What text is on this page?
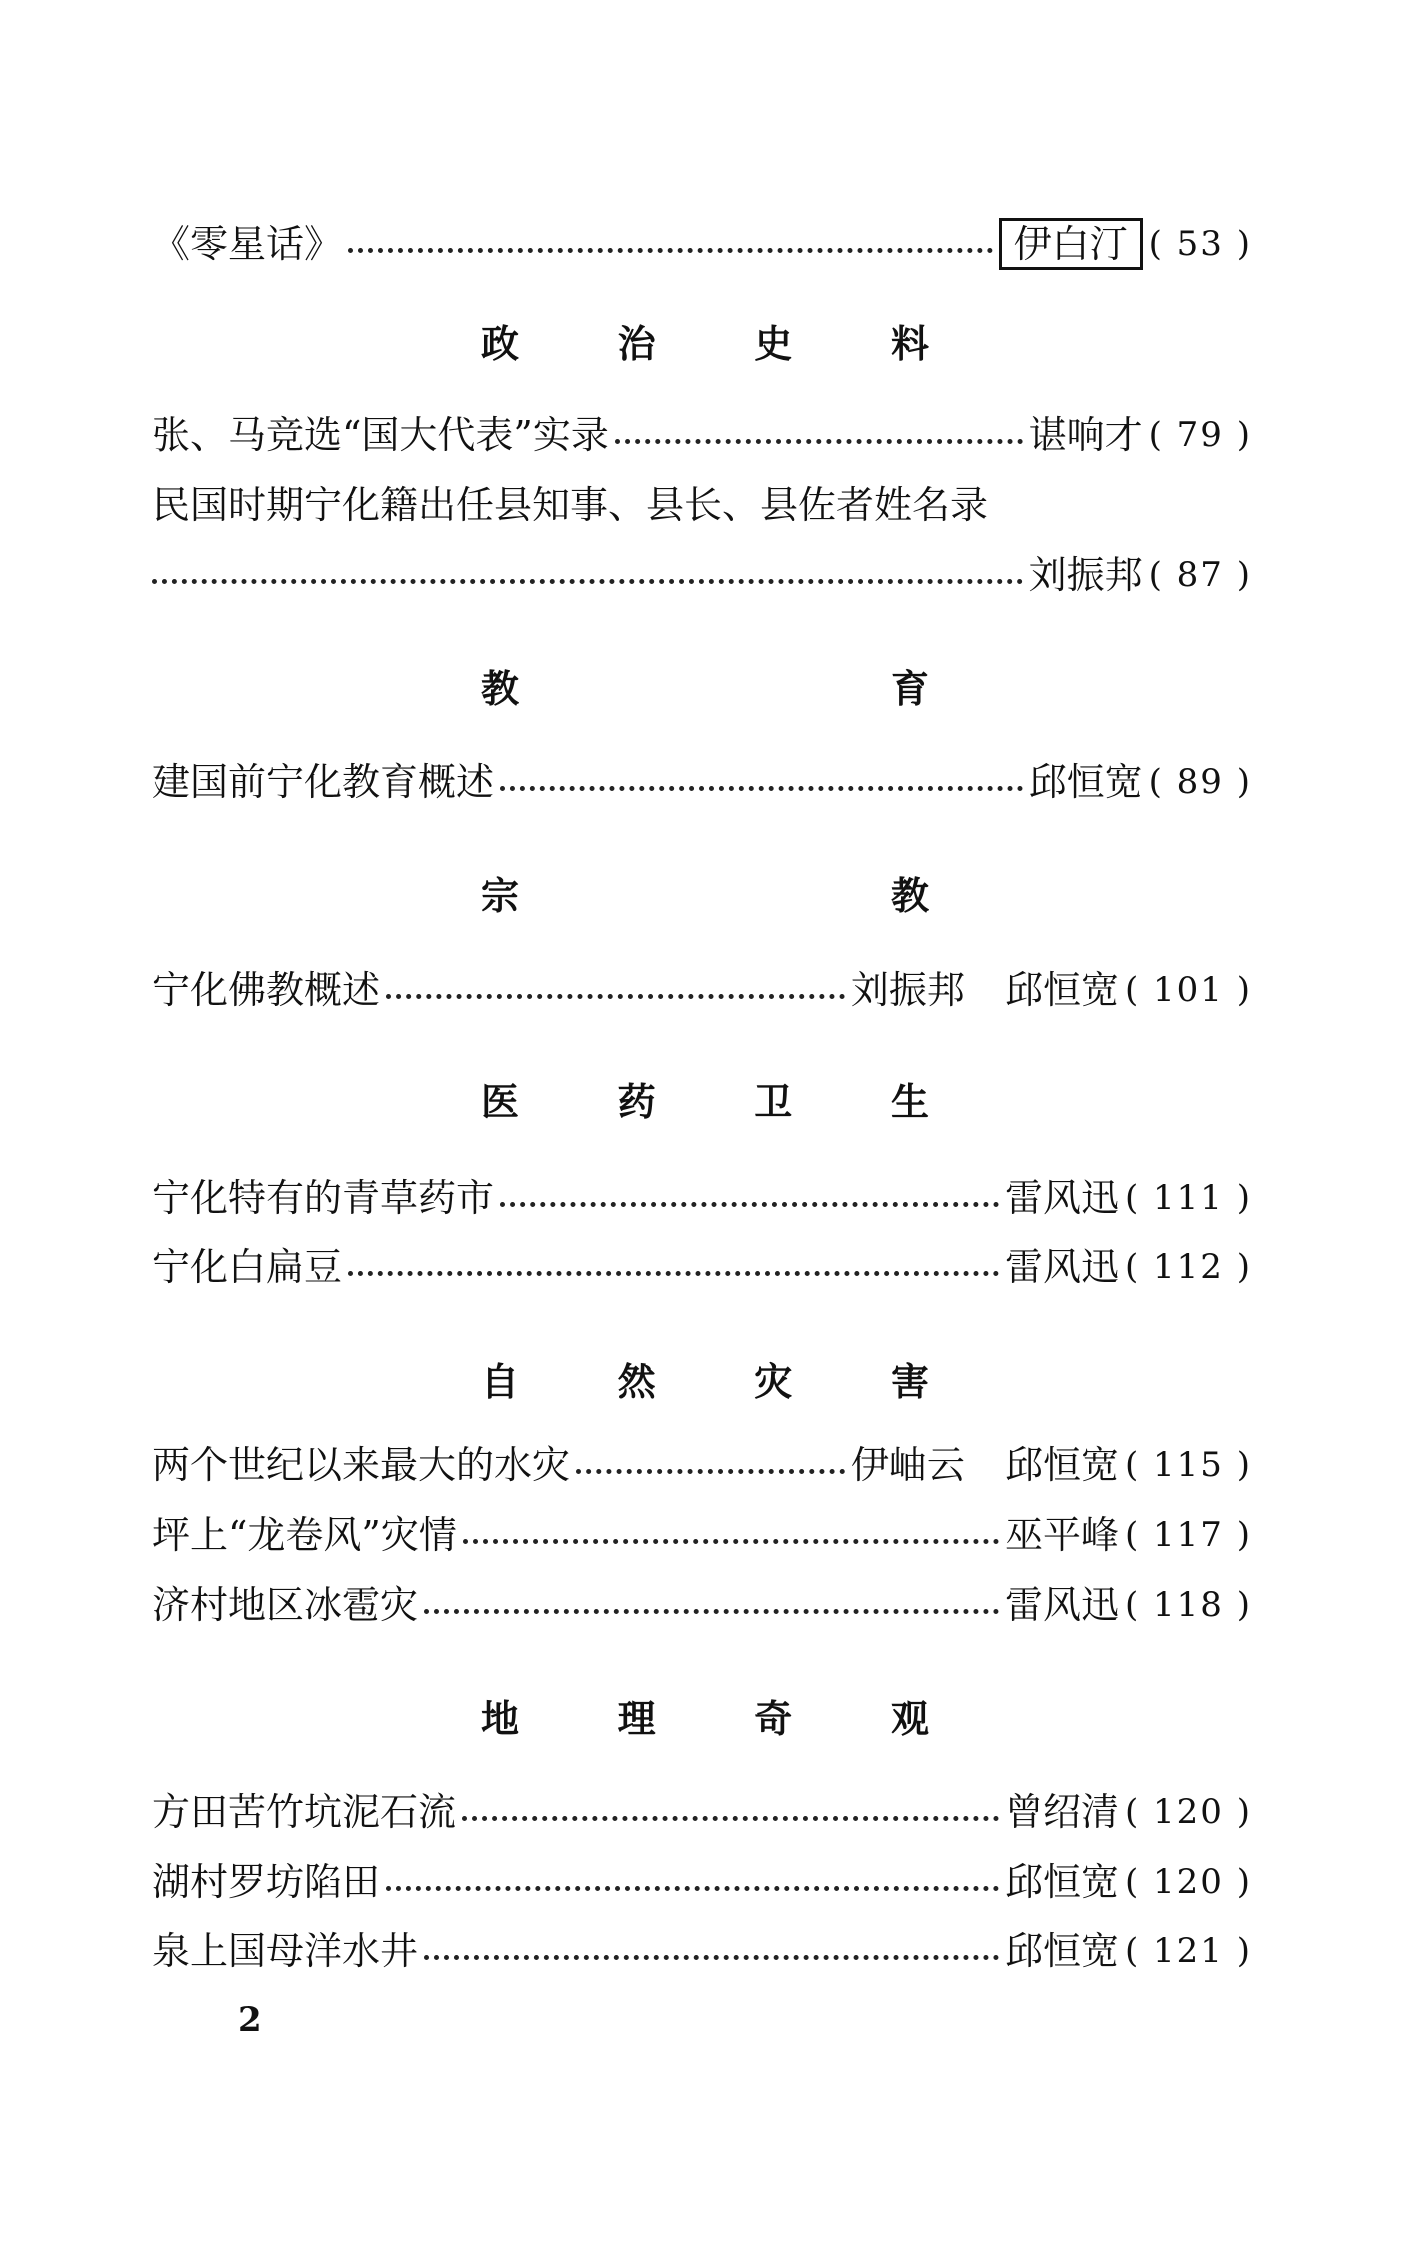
《零星话》	伊白汀 ( 53 )
政	治	史	料
张、马竞选“国大代表”实录	谌响才 ( 79 )
民国时期宁化籍出任县知事、县长、县佐者姓名录
刘振邦 ( 87 )
教	育
建国前宁化教育概述	邱恒宽 ( 89 )
宗	教
宁化佛教概述	刘振邦 邱恒宽 ( 101 )
医	药	卫	生
宁化特有的青草药市	雷风迅 ( 111 )
宁化白扁豆	雷风迅 ( 112 )
自	然	灾	害
两个世纪以来最大的水灾	伊岫云 邱恒宽 ( 115 )
坪上“龙卷风”灾情	巫平峰 ( 117 )
济村地区冰雹灾	雷风迅 ( 118 )
地	理	奇	观
方田苦竹坑泥石流	曾绍清 ( 120 )
湖村罗坊陷田	邱恒宽 ( 120 )
泉上国母洋水井	邱恒宽 ( 121 )
2
